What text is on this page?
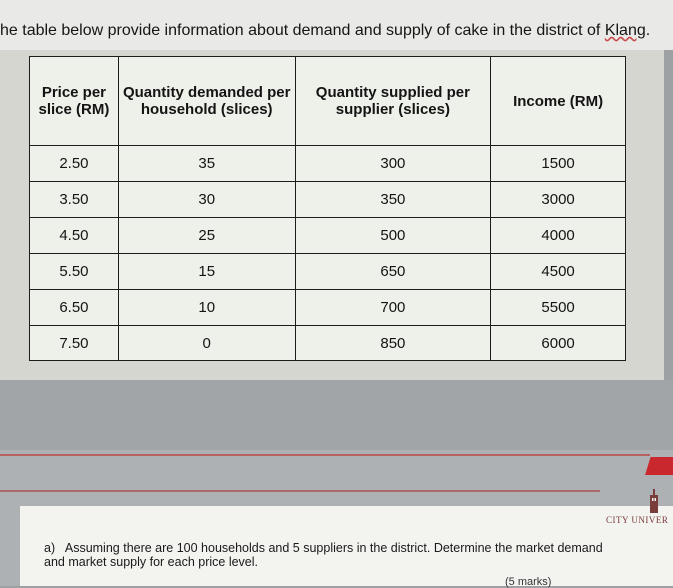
he table below provide information about demand and supply of cake in the district of Klang.
Price per slice (RM)	Quantity demanded per household (slices)	Quantity supplied per supplier (slices)	Income (RM)
2.50	35	300	1500
3.50	30	350	3000
4.50	25	500	4000
5.50	15	650	4500
6.50	10	700	5500
7.50	0	850	6000
CITY UNIVER
a) Assuming there are 100 households and 5 suppliers in the district. Determine the market demand and market supply for each price level.
(5 marks)
